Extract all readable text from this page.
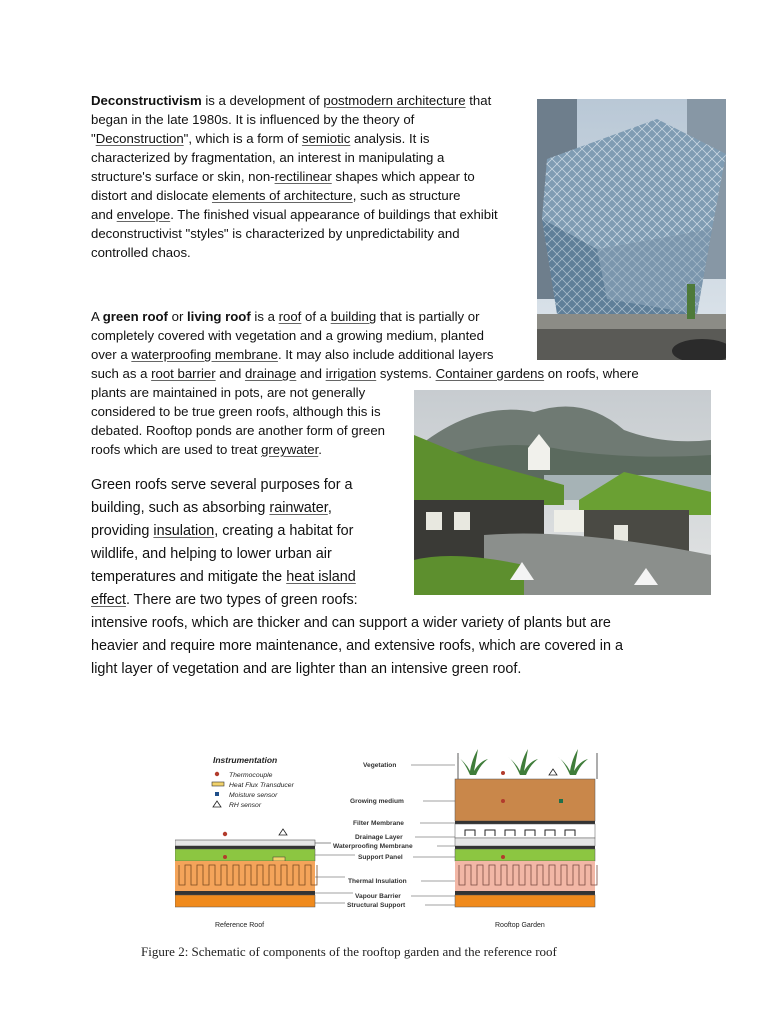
Deconstructivism is a development of postmodern architecture that
began in the late 1980s. It is influenced by the theory of
"Deconstruction", which is a form of semiotic analysis. It is
characterized by fragmentation, an interest in manipulating a
structure's surface or skin, non-rectilinear shapes which appear to
distort and dislocate elements of architecture, such as structure
and envelope. The finished visual appearance of buildings that exhibit
deconstructivist "styles" is characterized by unpredictability and
controlled chaos.
A green roof or living roof is a roof of a building that is partially or
completely covered with vegetation and a growing medium, planted
over a waterproofing membrane. It may also include additional layers
such as a root barrier and drainage and irrigation systems. Container gardens on roofs, where
plants are maintained in pots, are not generally
considered to be true green roofs, although this is
debated. Rooftop ponds are another form of green
roofs which are used to treat greywater.
Green roofs serve several purposes for a
building, such as absorbing rainwater,
providing insulation, creating a habitat for
wildlife, and helping to lower urban air
temperatures and mitigate the heat island
effect. There are two types of green roofs:
intensive roofs, which are thicker and can support a wider variety of plants but are
heavier and require more maintenance, and extensive roofs, which are covered in a
light layer of vegetation and are lighter than an intensive green roof.
Instrumentation
Thermocouple
Heat Flux Transducer
Moisture sensor
RH sensor
Reference Roof	Rooftop Garden
Vegetation
Growing medium
Filter Membrane
Drainage Layer
Waterproofing Membrane
Support Panel
Thermal Insulation
Vapour Barrier
Structural Support
Figure 2: Schematic of components of the rooftop garden and the reference roof
